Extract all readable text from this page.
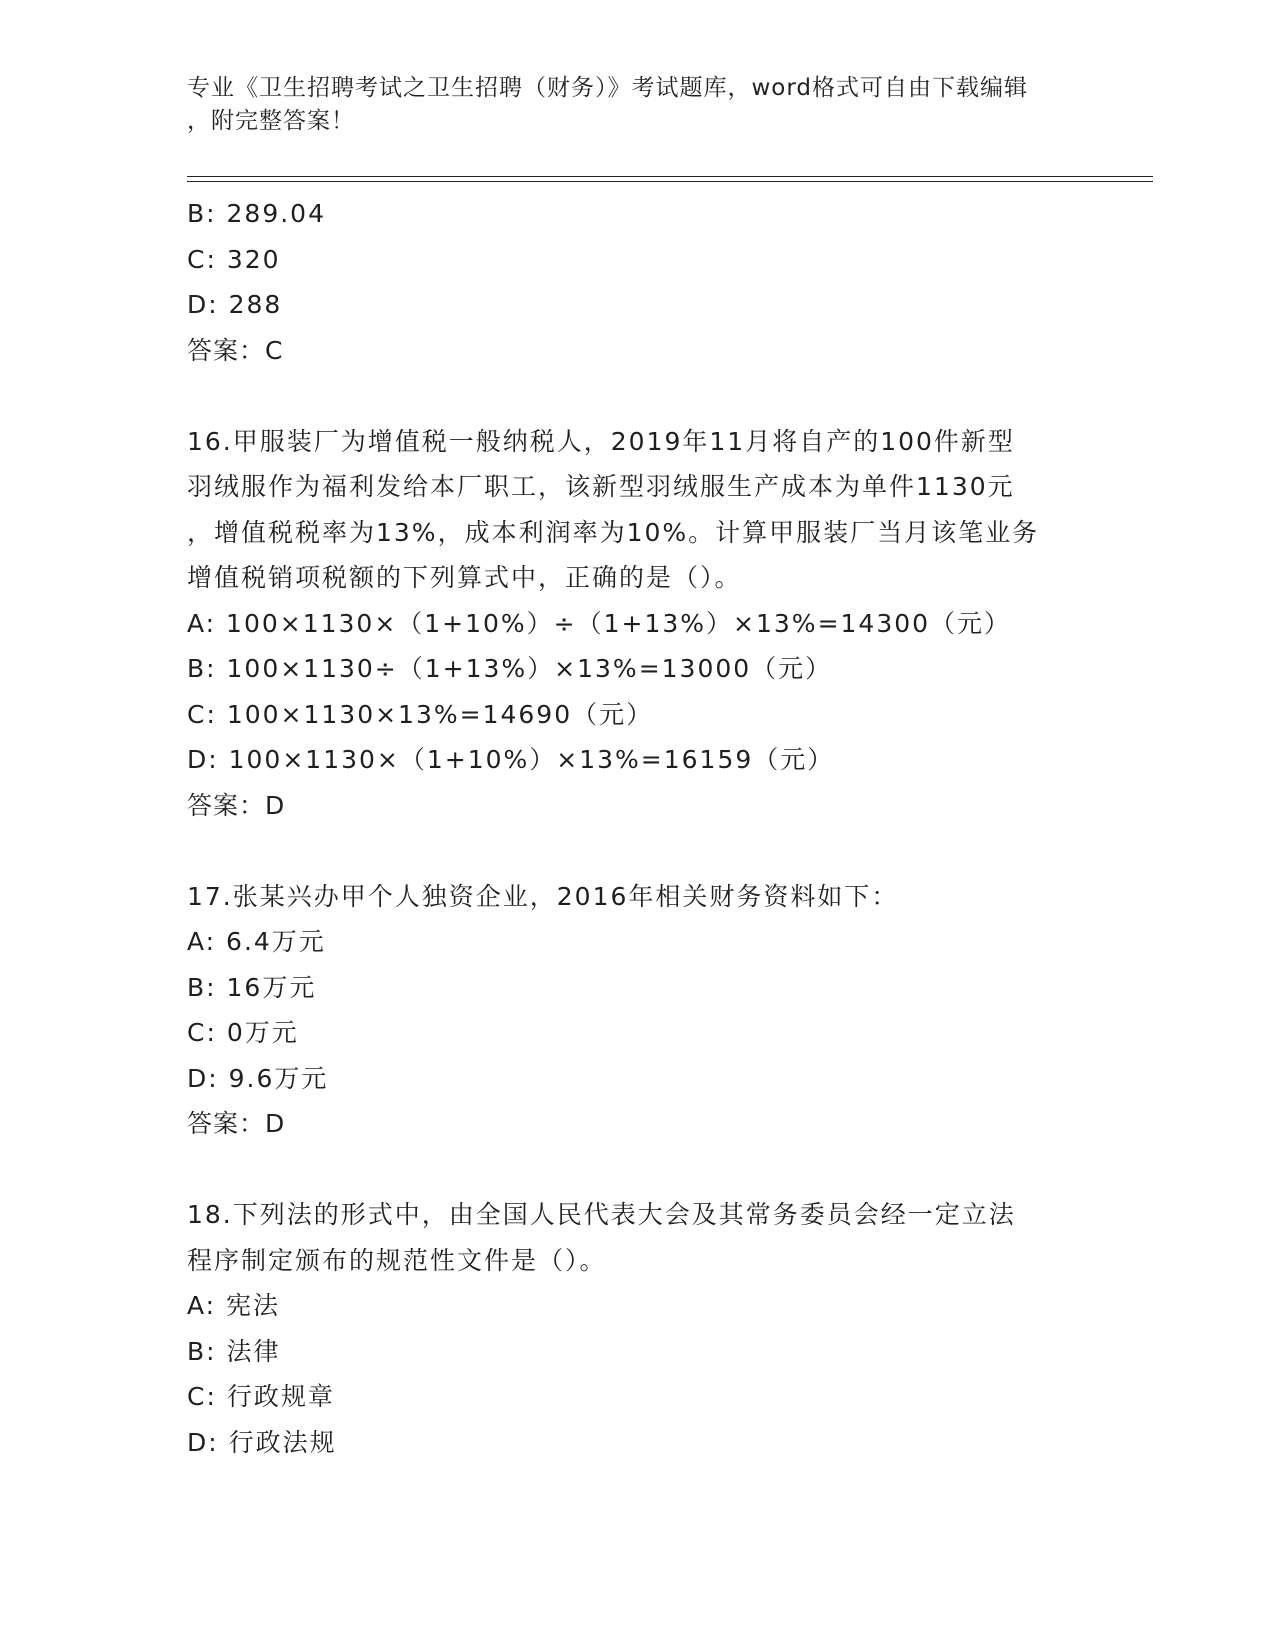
专业《卫生招聘考试之卫生招聘（财务）》考试题库，word格式可自由下载编辑
，附完整答案！
B: 289.04
C: 320
D: 288
答案：C
16.甲服装厂为增值税一般纳税人，2019年11月将自产的100件新型
羽绒服作为福利发给本厂职工，该新型羽绒服生产成本为单件1130元
，增值税税率为13%，成本利润率为10%。计算甲服装厂当月该笔业务
增值税销项税额的下列算式中，正确的是（）。
A: 100×1130×（1+10%）÷（1+13%）×13%=14300（元）
B: 100×1130÷（1+13%）×13%=13000（元）
C: 100×1130×13%=14690（元）
D: 100×1130×（1+10%）×13%=16159（元）
答案：D
17.张某兴办甲个人独资企业，2016年相关财务资料如下：
A: 6.4万元
B: 16万元
C: 0万元
D: 9.6万元
答案：D
18.下列法的形式中，由全国人民代表大会及其常务委员会经一定立法
程序制定颁布的规范性文件是（）。
A: 宪法
B: 法律
C: 行政规章
D: 行政法规
